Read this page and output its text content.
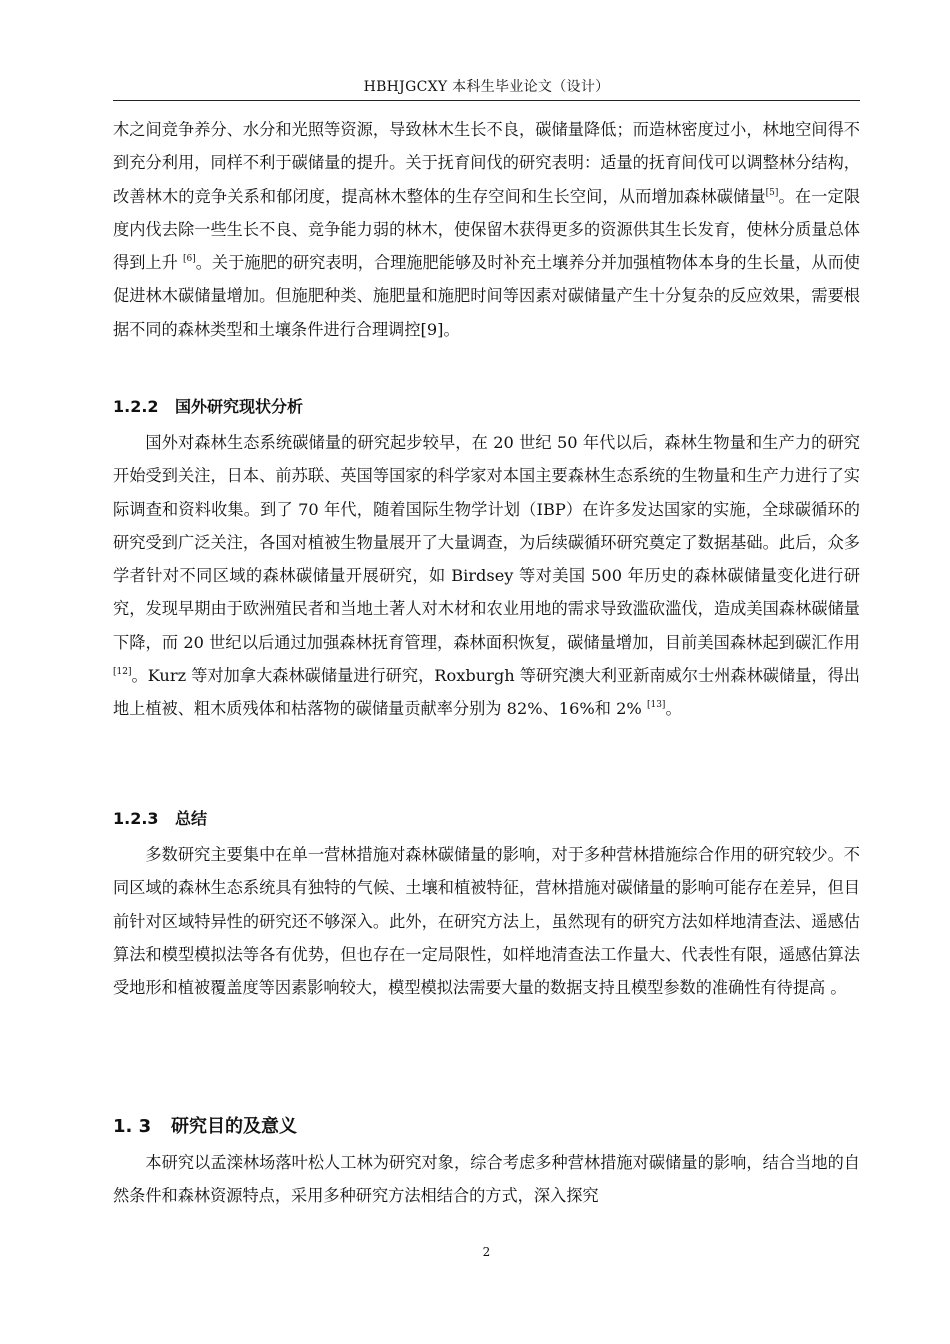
HBHJGCXY 本科生毕业论文（设计）

木之间竞争养分、水分和光照等资源，导致林木生长不良，碳储量降低；而造林密度过小，林地空间得不到充分利用，同样不利于碳储量的提升。关于抚育间伐的研究表明：适量的抚育间伐可以调整林分结构，改善林木的竞争关系和郁闭度，提高林木整体的生存空间和生长空间，从而增加森林碳储量[5]。在一定限度内伐去除一些生长不良、竞争能力弱的林木，使保留木获得更多的资源供其生长发育，使林分质量总体得到上升 [6]。关于施肥的研究表明，合理施肥能够及时补充土壤养分并加强植物体本身的生长量，从而使促进林木碳储量增加。但施肥种类、施肥量和施肥时间等因素对碳储量产生十分复杂的反应效果，需要根据不同的森林类型和土壤条件进行合理调控[9]。

1.2.2 国外研究现状分析

国外对森林生态系统碳储量的研究起步较早，在 20 世纪 50 年代以后，森林生物量和生产力的研究开始受到关注，日本、前苏联、英国等国家的科学家对本国主要森林生态系统的生物量和生产力进行了实际调查和资料收集。到了 70 年代，随着国际生物学计划（IBP）在许多发达国家的实施，全球碳循环的研究受到广泛关注，各国对植被生物量展开了大量调查，为后续碳循环研究奠定了数据基础。此后，众多学者针对不同区域的森林碳储量开展研究，如 Birdsey 等对美国 500 年历史的森林碳储量变化进行研究，发现早期由于欧洲殖民者和当地土著人对木材和农业用地的需求导致滥砍滥伐，造成美国森林碳储量下降，而 20 世纪以后通过加强森林抚育管理，森林面积恢复，碳储量增加，目前美国森林起到碳汇作用[12]。Kurz 等对加拿大森林碳储量进行研究，Roxburgh 等研究澳大利亚新南威尔士州森林碳储量，得出地上植被、粗木质残体和枯落物的碳储量贡献率分别为 82%、16%和 2% [13]。

1.2.3 总结

多数研究主要集中在单一营林措施对森林碳储量的影响，对于多种营林措施综合作用的研究较少。不同区域的森林生态系统具有独特的气候、土壤和植被特征，营林措施对碳储量的影响可能存在差异，但目前针对区域特异性的研究还不够深入。此外，在研究方法上，虽然现有的研究方法如样地清查法、遥感估算法和模型模拟法等各有优势，但也存在一定局限性，如样地清查法工作量大、代表性有限，遥感估算法受地形和植被覆盖度等因素影响较大，模型模拟法需要大量的数据支持且模型参数的准确性有待提高 。

1. 3 研究目的及意义

本研究以孟滦林场落叶松人工林为研究对象，综合考虑多种营林措施对碳储量的影响，结合当地的自然条件和森林资源特点，采用多种研究方法相结合的方式，深入探究

2
